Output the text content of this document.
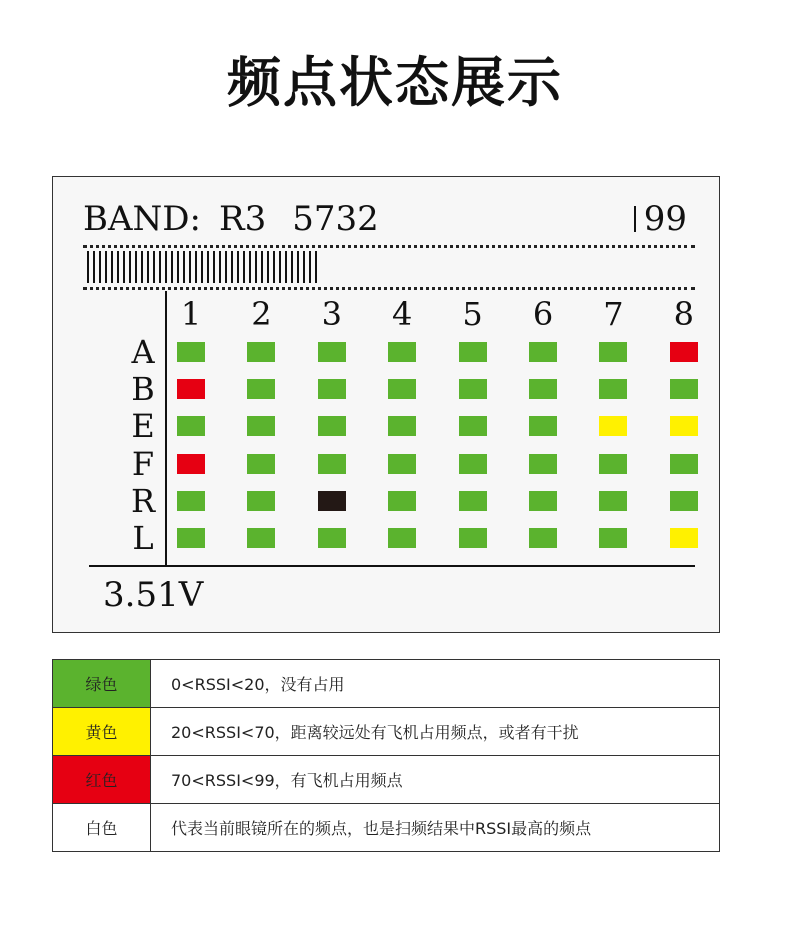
频点状态展示
BAND: R3 5732	99
1	2	3	4	5	6	7	8
A
B
E
F
R
L
3.51V
绿色	0<RSSI<20，没有占用
黄色	20<RSSI<70，距离较远处有飞机占用频点，或者有干扰
红色	70<RSSI<99，有飞机占用频点
白色	代表当前眼镜所在的频点，也是扫频结果中RSSI最高的频点
